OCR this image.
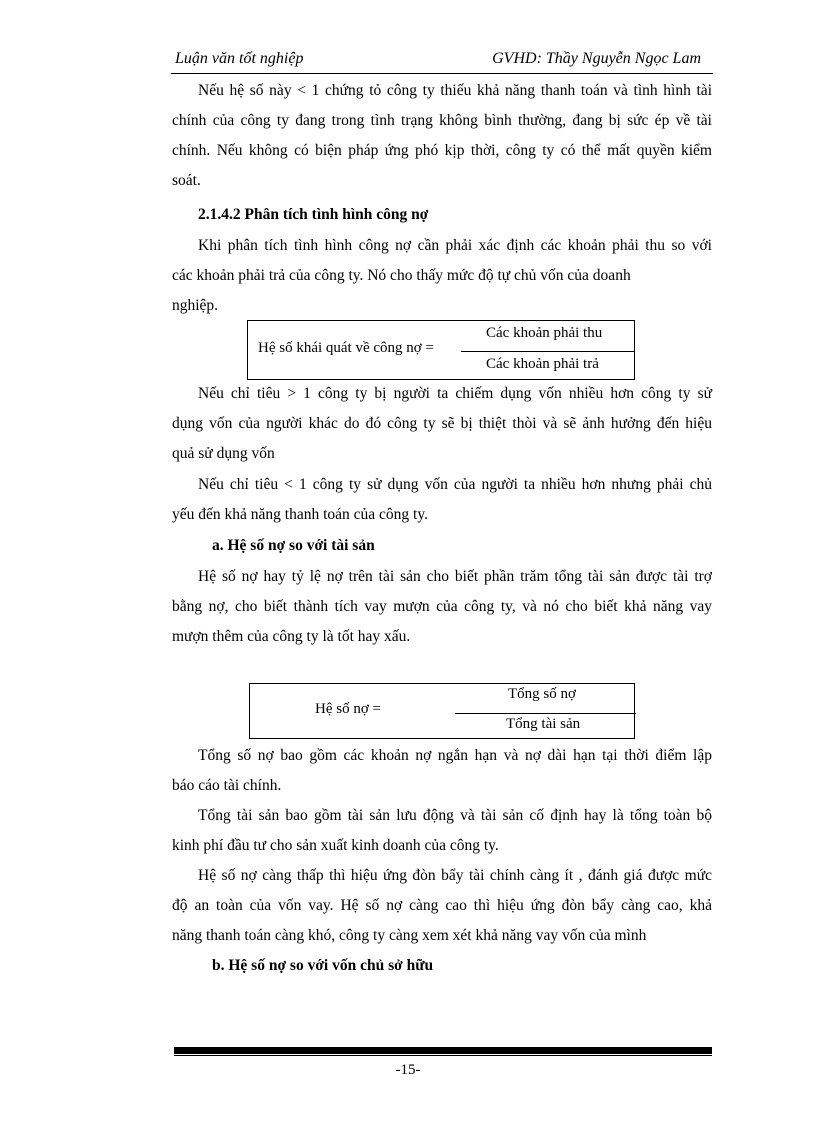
Luận văn tốt nghiệp	GVHD: Thầy Nguyễn Ngọc Lam
Nếu hệ số này < 1 chứng tỏ công ty thiếu khả năng thanh toán và tình hình tài
chính của công ty đang trong tình trạng không bình thường, đang bị sức ép về tài
chính. Nếu không có biện pháp ứng phó kịp thời, công ty có thể mất quyền kiểm
soát.
2.1.4.2 Phân tích tình hình công nợ
Khi phân tích tình hình công nợ cần phải xác định các khoản phải thu so với
các khoản phải trả của công ty. Nó cho thấy mức độ tự chủ vốn của doanh
nghiệp.
Hệ số khái quát về công nợ =
Các khoản phải thu
Các khoản phải trả
Nếu chỉ tiêu > 1 công ty bị người ta chiếm dụng vốn nhiều hơn công ty sử
dụng vốn của người khác do đó công ty sẽ bị thiệt thòi và sẽ ảnh hưởng đến hiệu
quả sử dụng vốn
Nếu chỉ tiêu < 1 công ty sử dụng vốn của người ta nhiều hơn nhưng phải chủ
yếu đến khả năng thanh toán của công ty.
a. Hệ số nợ so với tài sản
Hệ số nợ hay tỷ lệ nợ trên tài sản cho biết phần trăm tổng tài sản được tài trợ
bằng nợ, cho biết thành tích vay mượn của công ty, và nó cho biết khả năng vay
mượn thêm của công ty là tốt hay xấu.
Hệ số nợ =
Tổng số nợ
Tổng tài sản
Tổng số nợ bao gồm các khoản nợ ngắn hạn và nợ dài hạn tại thời điểm lập
báo cáo tài chính.
Tổng tài sản bao gồm tài sản lưu động và tài sản cố định hay là tổng toàn bộ
kinh phí đầu tư cho sản xuất kinh doanh của công ty.
Hệ số nợ càng thấp thì hiệu ứng đòn bẩy tài chính càng ít , đánh giá được mức
độ an toàn của vốn vay. Hệ số nợ càng cao thì hiệu ứng đòn bẩy càng cao, khả
năng thanh toán càng khó, công ty càng xem xét khả năng vay vốn của mình
b. Hệ số nợ so với vốn chủ sở hữu
-15-
